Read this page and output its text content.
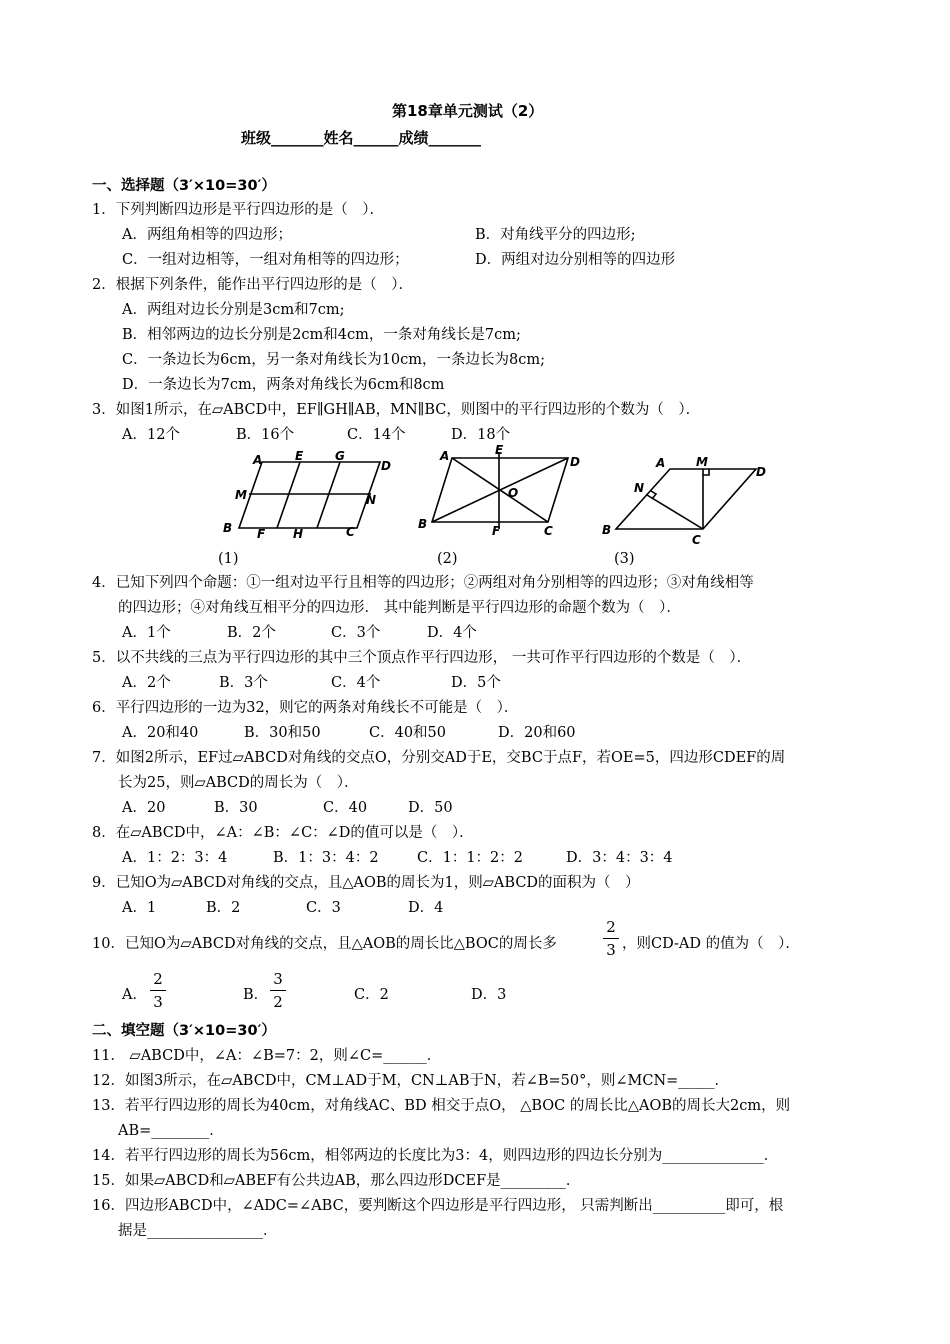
第18章单元测试（2）
班级_______姓名______成绩_______
一、选择题（3′×10=30′）
1．下列判断四边形是平行四边形的是（　）．
A．两组角相等的四边形；	B．对角线平分的四边形;
C．一组对边相等，一组对角相等的四边形；	D．两组对边分别相等的四边形
2．根据下列条件，能作出平行四边形的是（　）．
A．两组对边长分别是3cm和7cm;
B．相邻两边的边长分别是2cm和4cm，一条对角线长是7cm;
C．一条边长为6cm，另一条对角线长为10cm，一条边长为8cm;
D．一条边长为7cm，两条对角线长为6cm和8cm
3．如图1所示，在▱ABCD中，EF∥GH∥AB，MN∥BC，则图中的平行四边形的个数为（　）．
A．12个	B．16个	C．14个	D．18个
A	E	G
D
M	N
B F H	C
(1)
A	E
D
O
B	F	C
(2)
A	M
D
N
B
C
(3)
4．已知下列四个命题：①一组对边平行且相等的四边形；②两组对角分别相等的四边形；③对角线相等
的四边形；④对角线互相平分的四边形． 其中能判断是平行四边形的命题个数为（　）．
A．1个	B．2个	C．3个	D．4个
5．以不共线的三点为平行四边形的其中三个顶点作平行四边形， 一共可作平行四边形的个数是（　）．
A．2个	B．3个	C．4个	D．5个
6．平行四边形的一边为32，则它的两条对角线长不可能是（　）．
A．20和40	B．30和50	C．40和50	D．20和60
7．如图2所示，EF过▱ABCD对角线的交点O，分别交AD于E，交BC于点F，若OE=5，四边形CDEF的周
长为25，则▱ABCD的周长为（　）．
A．20	B．30	C．40	D．50
8．在▱ABCD中，∠A：∠B：∠C：∠D的值可以是（　）．
A．1：2：3：4	B．1：3：4：2	C．1：1：2：2	D．3：4：3：4
9．已知O为▱ABCD对角线的交点，且△AOB的周长为1，则▱ABCD的面积为（　）
A．1	B．2	C．3	D．4
10．已知O为▱ABCD对角线的交点，且△AOB的周长比△BOC的周长多
2
3 ，则CD-AD 的值为（　）．
A．
2
3	B．
3
2	C．2	D．3
二、填空题（3′×10=30′）
11． ▱ABCD中，∠A：∠B=7：2，则∠C=______．
12．如图3所示，在▱ABCD中，CM⊥AD于M，CN⊥AB于N，若∠B=50°，则∠MCN=_____．
13．若平行四边形的周长为40cm，对角线AC、BD 相交于点O， △BOC 的周长比△AOB的周长大2cm，则
AB=________．
14．若平行四边形的周长为56cm，相邻两边的长度比为3：4，则四边形的四边长分别为______________．
15．如果▱ABCD和▱ABEF有公共边AB，那么四边形DCEF是_________．
16．四边形ABCD中，∠ADC=∠ABC，要判断这个四边形是平行四边形， 只需判断出__________即可，根
据是________________．
